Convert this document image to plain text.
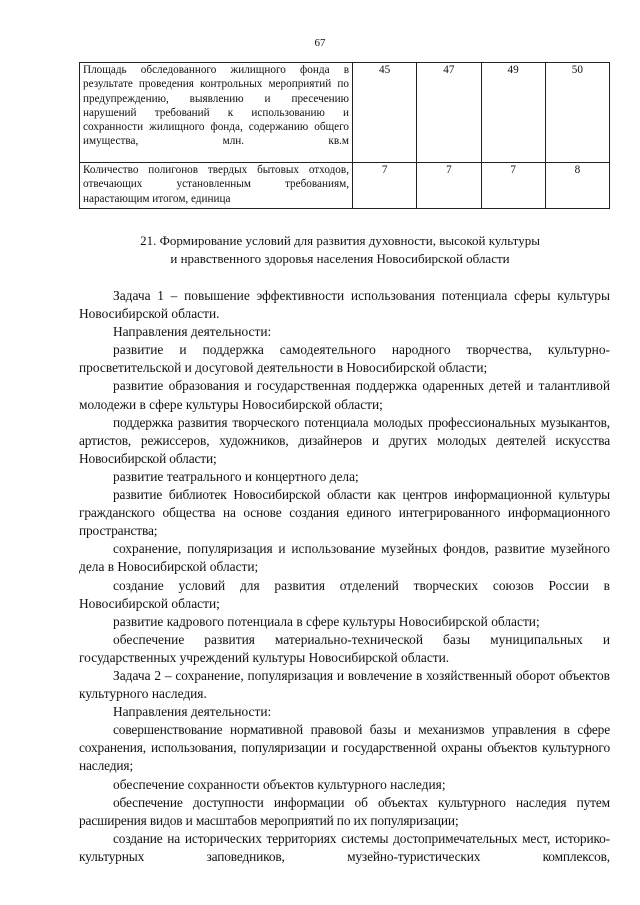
67
Площадь обследованного жилищного фонда в результате проведения контрольных мероприятий по предупреждению, выявлению и пресечению нарушений требований к использованию и сохранности жилищного фонда, содержанию общего имущества, млн. кв.м	45	47	49	50
Количество полигонов твердых бытовых отходов, отвечающих установленным требованиям, нарастающим итогом, единица	7	7	7	8
21. Формирование условий для развития духовности, высокой культуры
и нравственного здоровья населения Новосибирской области

Задача 1 – повышение эффективности использования потенциала сферы культуры Новосибирской области.

Направления деятельности:

развитие и поддержка самодеятельного народного творчества, культурно-просветительской и досуговой деятельности в Новосибирской области;

развитие образования и государственная поддержка одаренных детей и талантливой молодежи в сфере культуры Новосибирской области;

поддержка развития творческого потенциала молодых профессиональных музыкантов, артистов, режиссеров, художников, дизайнеров и других молодых деятелей искусства Новосибирской области;

развитие театрального и концертного дела;

развитие библиотек Новосибирской области как центров информационной культуры гражданского общества на основе создания единого интегрированного информационного пространства;

сохранение, популяризация и использование музейных фондов, развитие музейного дела в Новосибирской области;

создание условий для развития отделений творческих союзов России в Новосибирской области;

развитие кадрового потенциала в сфере культуры Новосибирской области;

обеспечение развития материально-технической базы муниципальных и государственных учреждений культуры Новосибирской области.

Задача 2 – сохранение, популяризация и вовлечение в хозяйственный оборот объектов культурного наследия.

Направления деятельности:

совершенствование нормативной правовой базы и механизмов управления в сфере сохранения, использования, популяризации и государственной охраны объектов культурного наследия;

обеспечение сохранности объектов культурного наследия;

обеспечение доступности информации об объектах культурного наследия путем расширения видов и масштабов мероприятий по их популяризации;

создание на исторических территориях системы достопримечательных мест, историко-культурных заповедников, музейно-туристических комплексов,
